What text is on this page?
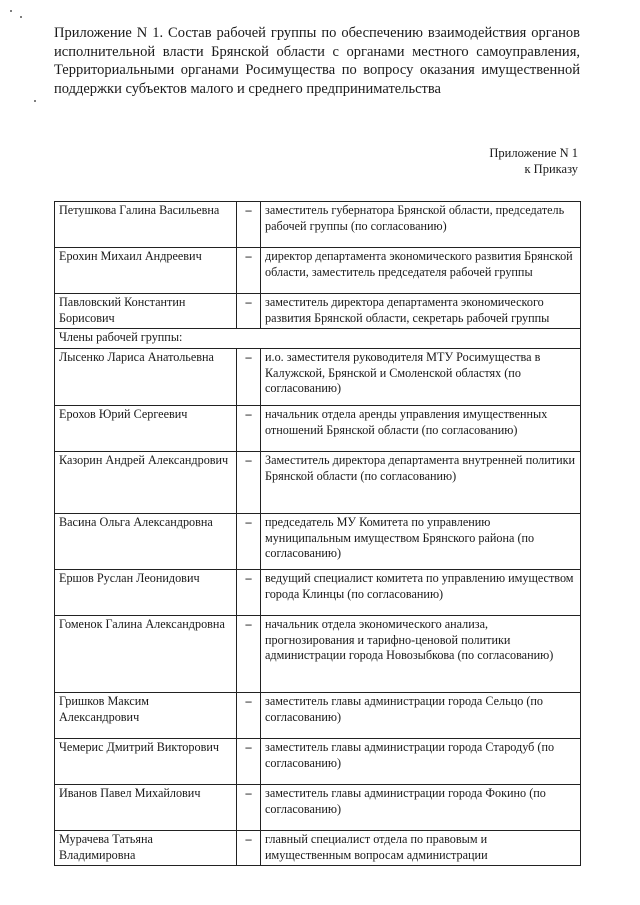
Приложение N 1. Состав рабочей группы по обеспечению взаимодействия органов исполнительной власти Брянской области с органами местного самоуправления, Территориальными органами Росимущества по вопросу оказания имущественной поддержки субъектов малого и среднего предпринимательства
Приложение N 1
к Приказу
Петушкова Галина Васильевна	–	заместитель губернатора Брянской области, председатель рабочей группы (по согласованию)
Ерохин Михаил Андреевич	–	директор департамента экономического развития Брянской области, заместитель председателя рабочей группы
Павловский Константин Борисович	–	заместитель директора департамента экономического развития Брянской области, секретарь рабочей группы
Члены рабочей группы:		
Лысенко Лариса Анатольевна	–	и.о. заместителя руководителя МТУ Росимущества в Калужской, Брянской и Смоленской областях (по согласованию)
Ерохов Юрий Сергеевич	–	начальник отдела аренды управления имущественных отношений Брянской области (по согласованию)
Казорин Андрей Александрович	–	Заместитель директора департамента внутренней политики Брянской области (по согласованию)
Васина Ольга Александровна	–	председатель МУ Комитета по управлению муниципальным имуществом Брянского района (по согласованию)
Ершов Руслан Леонидович	–	ведущий специалист комитета по управлению имуществом города Клинцы (по согласованию)
Гоменок Галина Александровна	–	начальник отдела экономического анализа, прогнозирования и тарифно-ценовой политики администрации города Новозыбкова (по согласованию)
Гришков Максим Александрович	–	заместитель главы администрации города Сельцо (по согласованию)
Чемерис Дмитрий Викторович	–	заместитель главы администрации города Стародуб (по согласованию)
Иванов Павел Михайлович	–	заместитель главы администрации города Фокино (по согласованию)
Мурачева Татьяна Владимировна	–	главный специалист отдела по правовым и имущественным вопросам администрации
